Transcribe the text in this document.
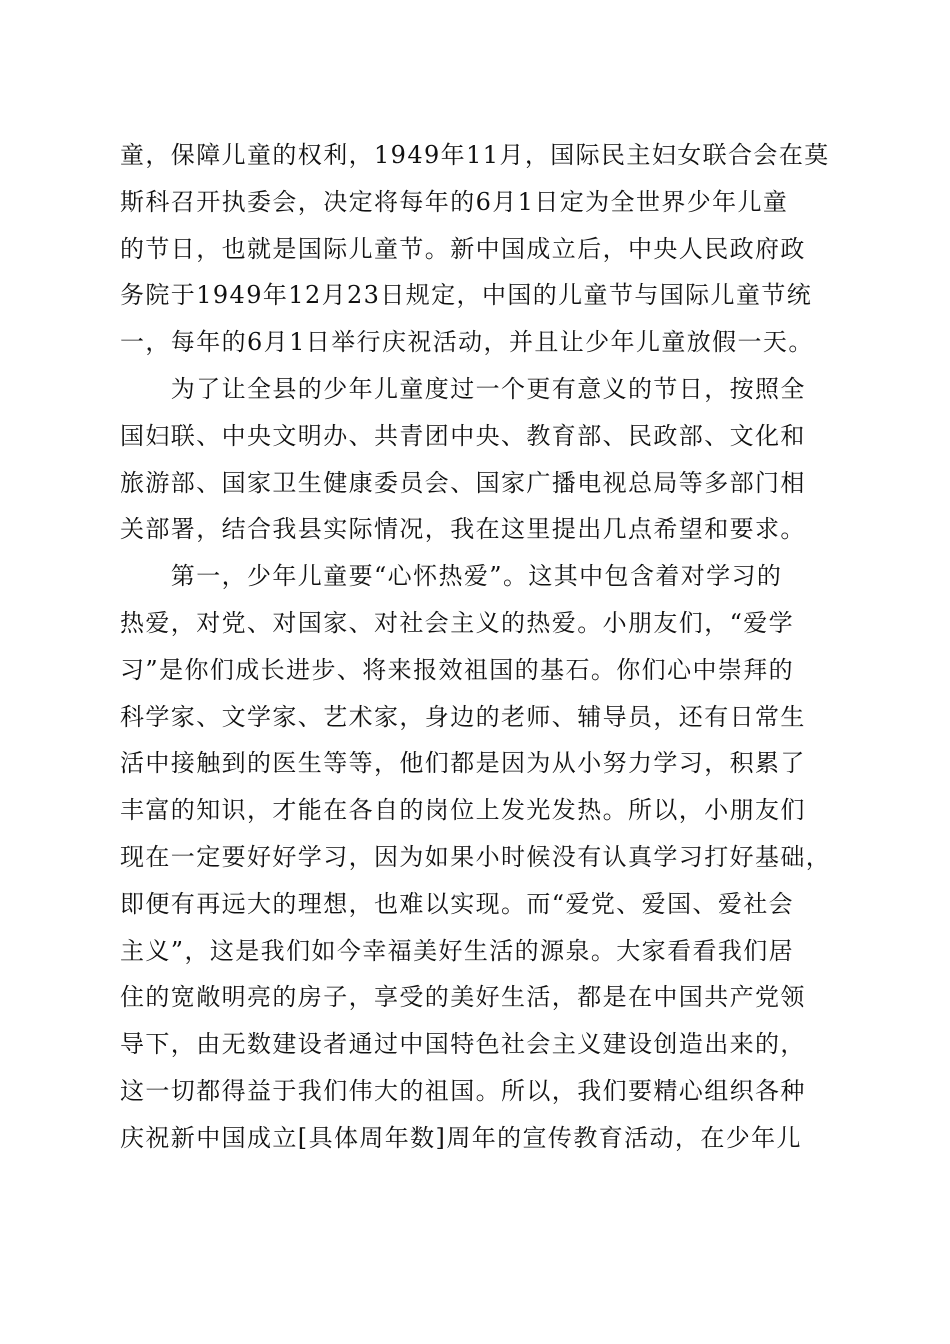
童，保障儿童的权利，1949年11月，国际民主妇女联合会在莫
斯科召开执委会，决定将每年的6月1日定为全世界少年儿童
的节日，也就是国际儿童节。新中国成立后，中央人民政府政
务院于1949年12月23日规定，中国的儿童节与国际儿童节统
一，每年的6月1日举行庆祝活动，并且让少年儿童放假一天。
　　为了让全县的少年儿童度过一个更有意义的节日，按照全
国妇联、中央文明办、共青团中央、教育部、民政部、文化和
旅游部、国家卫生健康委员会、国家广播电视总局等多部门相
关部署，结合我县实际情况，我在这里提出几点希望和要求。
　　第一，少年儿童要“心怀热爱”。这其中包含着对学习的
热爱，对党、对国家、对社会主义的热爱。小朋友们，“爱学
习”是你们成长进步、将来报效祖国的基石。你们心中崇拜的
科学家、文学家、艺术家，身边的老师、辅导员，还有日常生
活中接触到的医生等等，他们都是因为从小努力学习，积累了
丰富的知识，才能在各自的岗位上发光发热。所以，小朋友们
现在一定要好好学习，因为如果小时候没有认真学习打好基础，
即便有再远大的理想，也难以实现。而“爱党、爱国、爱社会
主义”，这是我们如今幸福美好生活的源泉。大家看看我们居
住的宽敞明亮的房子，享受的美好生活，都是在中国共产党领
导下，由无数建设者通过中国特色社会主义建设创造出来的，
这一切都得益于我们伟大的祖国。所以，我们要精心组织各种
庆祝新中国成立[具体周年数]周年的宣传教育活动，在少年儿
